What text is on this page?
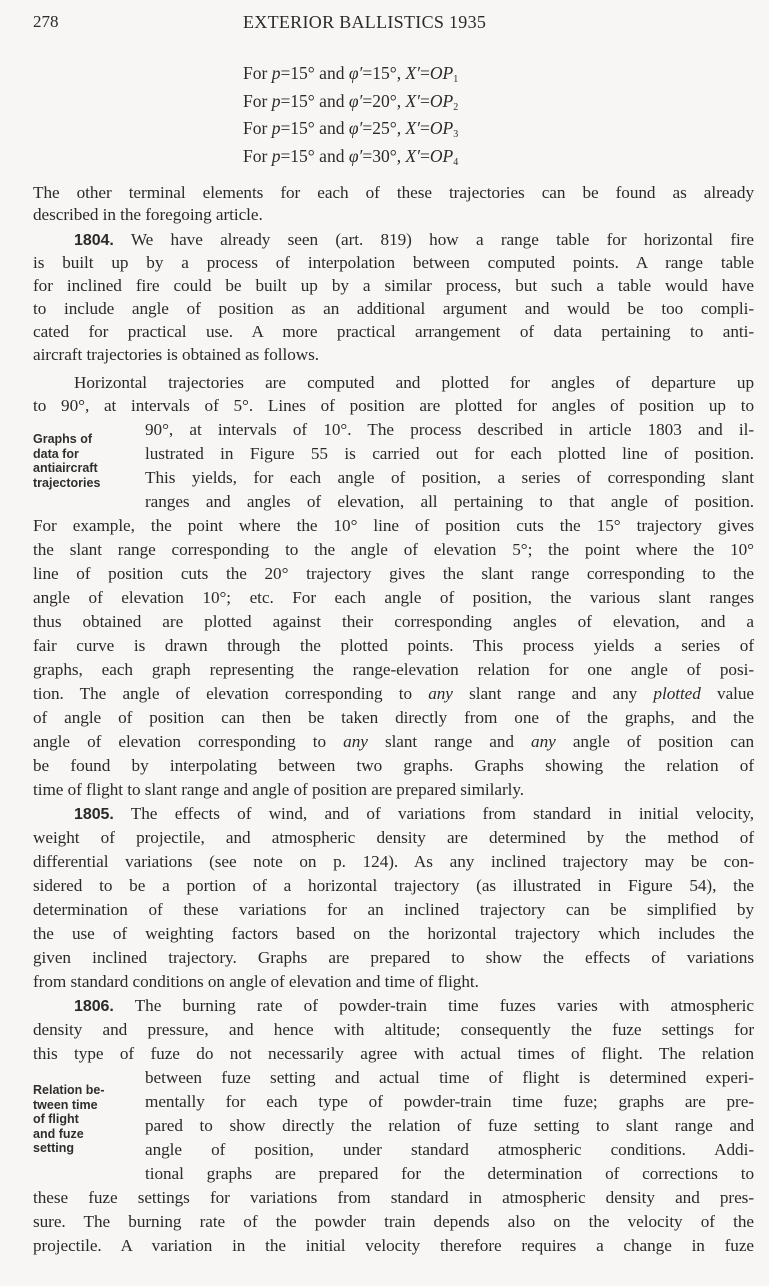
278	EXTERIOR BALLISTICS 1935
For p=15° and φ′=15°, $X'=OP_1$
For p=15° and φ′=20°, $X'=OP_2$
For p=15° and φ′=25°, $X'=OP_3$
For p=15° and φ′=30°, $X'=OP_4$
The other terminal elements for each of these trajectories can be found as already
described in the foregoing article.
1804. We have already seen (art. 819) how a range table for horizontal fire
is built up by a process of interpolation between computed points. A range table
for inclined fire could be built up by a similar process, but such a table would have
to include angle of position as an additional argument and would be too compli-
cated for practical use. A more practical arrangement of data pertaining to anti-
aircraft trajectories is obtained as follows.
Horizontal trajectories are computed and plotted for angles of departure up
to 90°, at intervals of 5°. Lines of position are plotted for angles of position up to
90°, at intervals of 10°. The process described in article 1803 and il-
lustrated in Figure 55 is carried out for each plotted line of position.
This yields, for each angle of position, a series of corresponding slant
ranges and angles of elevation, all pertaining to that angle of position.
For example, the point where the 10° line of position cuts the 15° trajectory gives
the slant range corresponding to the angle of elevation 5°; the point where the 10°
line of position cuts the 20° trajectory gives the slant range corresponding to the
angle of elevation 10°; etc. For each angle of position, the various slant ranges
thus obtained are plotted against their corresponding angles of elevation, and a
fair curve is drawn through the plotted points. This process yields a series of
graphs, each graph representing the range-elevation relation for one angle of posi-
tion. The angle of elevation corresponding to any slant range and any plotted value
of angle of position can then be taken directly from one of the graphs, and the
angle of elevation corresponding to any slant range and any angle of position can
be found by interpolating between two graphs. Graphs showing the relation of
time of flight to slant range and angle of position are prepared similarly.
1805. The effects of wind, and of variations from standard in initial velocity,
weight of projectile, and atmospheric density are determined by the method of
differential variations (see note on p. 124). As any inclined trajectory may be con-
sidered to be a portion of a horizontal trajectory (as illustrated in Figure 54), the
determination of these variations for an inclined trajectory can be simplified by
the use of weighting factors based on the horizontal trajectory which includes the
given inclined trajectory. Graphs are prepared to show the effects of variations
from standard conditions on angle of elevation and time of flight.
1806. The burning rate of powder-train time fuzes varies with atmospheric
density and pressure, and hence with altitude; consequently the fuze settings for
this type of fuze do not necessarily agree with actual times of flight. The relation
between fuze setting and actual time of flight is determined experi-
mentally for each type of powder-train time fuze; graphs are pre-
pared to show directly the relation of fuze setting to slant range and
angle of position, under standard atmospheric conditions. Addi-
tional graphs are prepared for the determination of corrections to
these fuze settings for variations from standard in atmospheric density and pres-
sure. The burning rate of the powder train depends also on the velocity of the
projectile. A variation in the initial velocity therefore requires a change in fuze
Graphs of
data for
antiaircraft
trajectories
Relation be-
tween time
of flight
and fuze
setting
